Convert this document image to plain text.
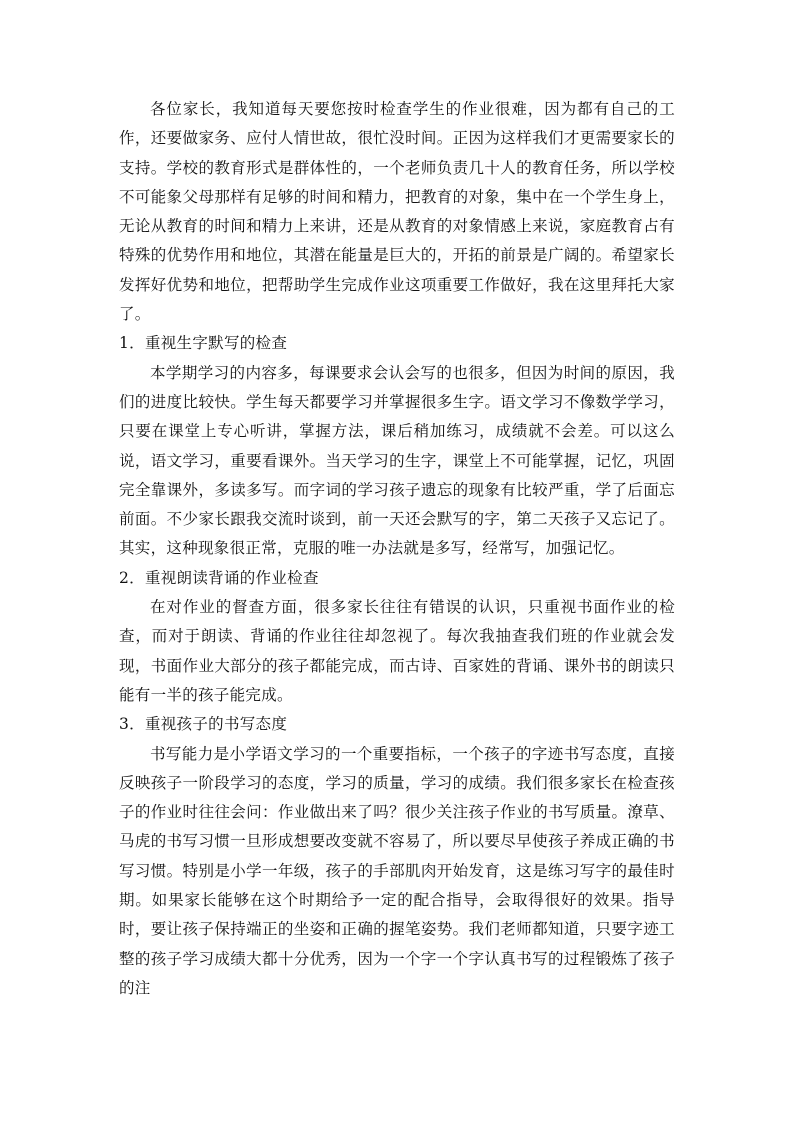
各位家长，我知道每天要您按时检查学生的作业很难，因为都有自己的工作，还要做家务、应付人情世故，很忙没时间。正因为这样我们才更需要家长的支持。学校的教育形式是群体性的，一个老师负责几十人的教育任务，所以学校不可能象父母那样有足够的时间和精力，把教育的对象，集中在一个学生身上，无论从教育的时间和精力上来讲，还是从教育的对象情感上来说，家庭教育占有特殊的优势作用和地位，其潜在能量是巨大的，开拓的前景是广阔的。希望家长发挥好优势和地位，把帮助学生完成作业这项重要工作做好，我在这里拜托大家了。

1．重视生字默写的检查

本学期学习的内容多，每课要求会认会写的也很多，但因为时间的原因，我们的进度比较快。学生每天都要学习并掌握很多生字。语文学习不像数学学习，只要在课堂上专心听讲，掌握方法，课后稍加练习，成绩就不会差。可以这么说，语文学习，重要看课外。当天学习的生字，课堂上不可能掌握，记忆，巩固完全靠课外，多读多写。而字词的学习孩子遗忘的现象有比较严重，学了后面忘前面。不少家长跟我交流时谈到，前一天还会默写的字，第二天孩子又忘记了。其实，这种现象很正常，克服的唯一办法就是多写，经常写，加强记忆。

2．重视朗读背诵的作业检查

在对作业的督查方面，很多家长往往有错误的认识，只重视书面作业的检查，而对于朗读、背诵的作业往往却忽视了。每次我抽查我们班的作业就会发现，书面作业大部分的孩子都能完成，而古诗、百家姓的背诵、课外书的朗读只能有一半的孩子能完成。

3．重视孩子的书写态度

书写能力是小学语文学习的一个重要指标，一个孩子的字迹书写态度，直接反映孩子一阶段学习的态度，学习的质量，学习的成绩。我们很多家长在检查孩子的作业时往往会问：作业做出来了吗？很少关注孩子作业的书写质量。潦草、马虎的书写习惯一旦形成想要改变就不容易了，所以要尽早使孩子养成正确的书写习惯。特别是小学一年级，孩子的手部肌肉开始发育，这是练习写字的最佳时期。如果家长能够在这个时期给予一定的配合指导，会取得很好的效果。指导时，要让孩子保持端正的坐姿和正确的握笔姿势。我们老师都知道，只要字迹工整的孩子学习成绩大都十分优秀，因为一个字一个字认真书写的过程锻炼了孩子的注
